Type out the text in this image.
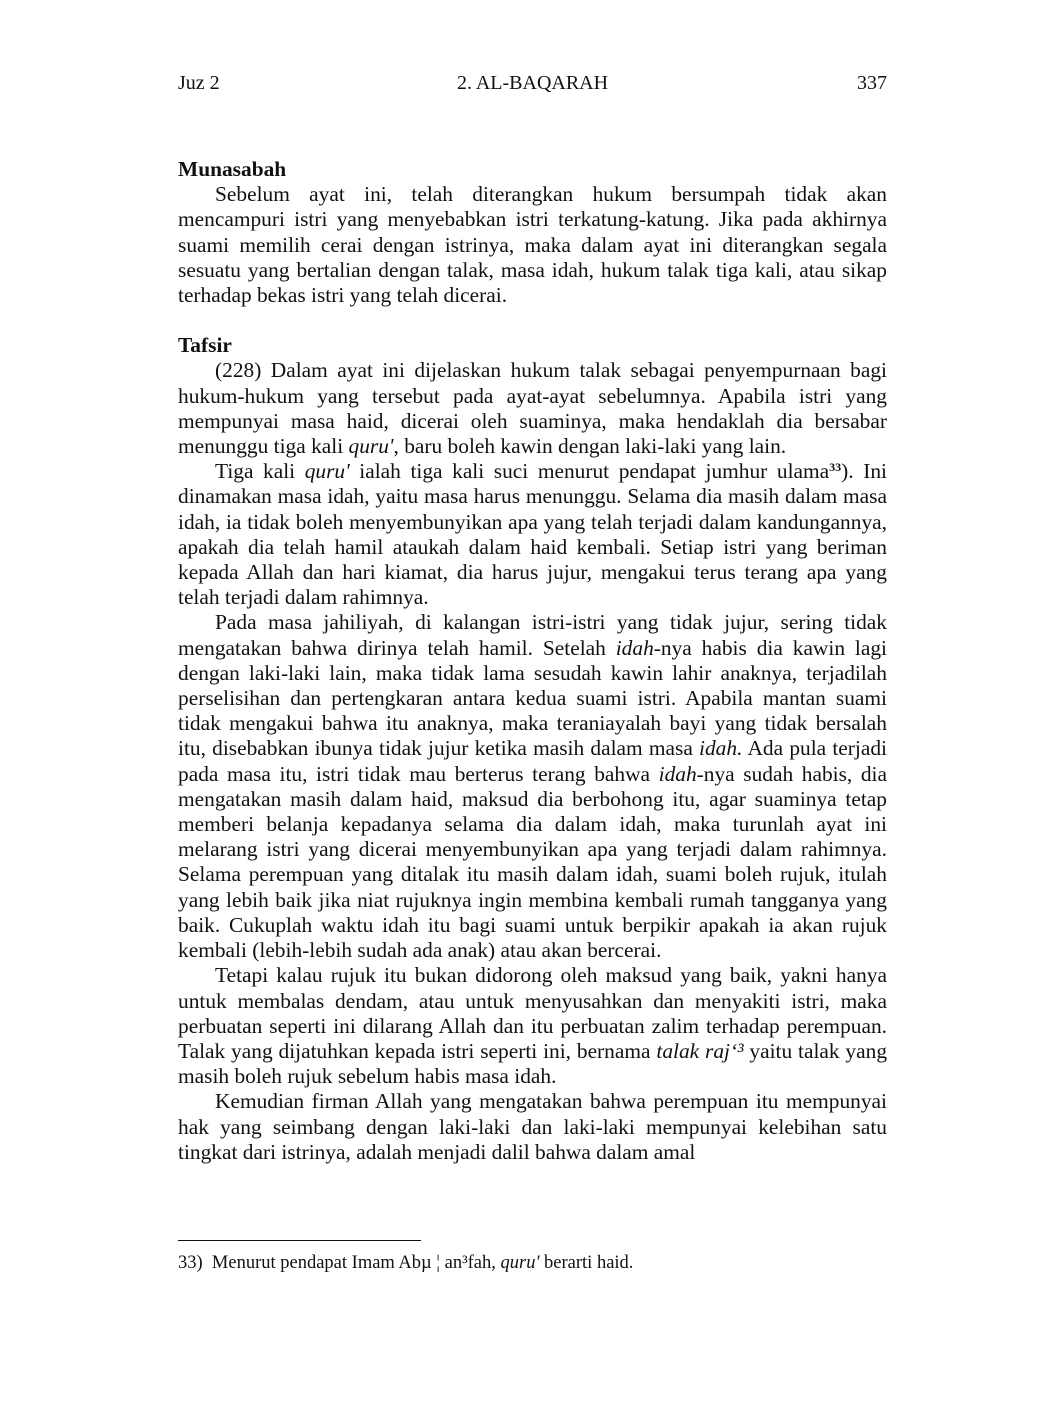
Juz 2	2. AL-BAQARAH	337
Munasabah

Sebelum ayat ini, telah diterangkan hukum bersumpah tidak akan mencampuri istri yang menyebabkan istri terkatung-katung. Jika pada akhirnya suami memilih cerai dengan istrinya, maka dalam ayat ini diterangkan segala sesuatu yang bertalian dengan talak, masa idah, hukum talak tiga kali, atau sikap terhadap bekas istri yang telah dicerai.

Tafsir

(228) Dalam ayat ini dijelaskan hukum talak sebagai penyempurnaan bagi hukum-hukum yang tersebut pada ayat-ayat sebelumnya. Apabila istri yang mempunyai masa haid, dicerai oleh suaminya, maka hendaklah dia bersabar menunggu tiga kali quru', baru boleh kawin dengan laki-laki yang lain.

Tiga kali quru' ialah tiga kali suci menurut pendapat jumhur ulama$^{33}$). Ini dinamakan masa idah, yaitu masa harus menunggu. Selama dia masih dalam masa idah, ia tidak boleh menyembunyikan apa yang telah terjadi dalam kandungannya, apakah dia telah hamil ataukah dalam haid kembali. Setiap istri yang beriman kepada Allah dan hari kiamat, dia harus jujur, mengakui terus terang apa yang telah terjadi dalam rahimnya.

Pada masa jahiliyah, di kalangan istri-istri yang tidak jujur, sering tidak mengatakan bahwa dirinya telah hamil. Setelah idah-nya habis dia kawin lagi dengan laki-laki lain, maka tidak lama sesudah kawin lahir anaknya, terjadilah perselisihan dan pertengkaran antara kedua suami istri. Apabila mantan suami tidak mengakui bahwa itu anaknya, maka teraniayalah bayi yang tidak bersalah itu, disebabkan ibunya tidak jujur ketika masih dalam masa idah. Ada pula terjadi pada masa itu, istri tidak mau berterus terang bahwa idah-nya sudah habis, dia mengatakan masih dalam haid, maksud dia berbohong itu, agar suaminya tetap memberi belanja kepadanya selama dia dalam idah, maka turunlah ayat ini melarang istri yang dicerai menyembunyikan apa yang terjadi dalam rahimnya. Selama perempuan yang ditalak itu masih dalam idah, suami boleh rujuk, itulah yang lebih baik jika niat rujuknya ingin membina kembali rumah tangganya yang baik. Cukuplah waktu idah itu bagi suami untuk berpikir apakah ia akan rujuk kembali (lebih-lebih sudah ada anak) atau akan bercerai.

Tetapi kalau rujuk itu bukan didorong oleh maksud yang baik, yakni hanya untuk membalas dendam, atau untuk menyusahkan dan menyakiti istri, maka perbuatan seperti ini dilarang Allah dan itu perbuatan zalim terhadap perempuan. Talak yang dijatuhkan kepada istri seperti ini, bernama talak raj‘³ yaitu talak yang masih boleh rujuk sebelum habis masa idah.

Kemudian firman Allah yang mengatakan bahwa perempuan itu mempunyai hak yang seimbang dengan laki-laki dan laki-laki mempunyai kelebihan satu tingkat dari istrinya, adalah menjadi dalil bahwa dalam amal

33) Menurut pendapat Imam Abµ ¦ an³fah, quru' berarti haid.
